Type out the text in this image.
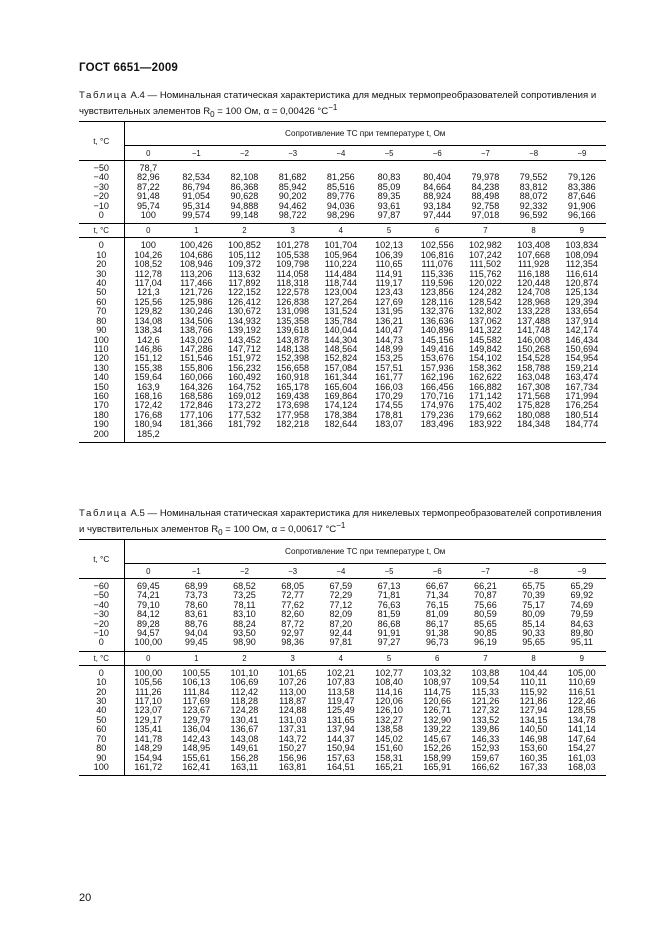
ГОСТ 6651—2009
Таблица А.4 — Номинальная статическая характеристика для медных термопреобразователей сопротивления и чувствительных элементов $R_0 = 100$ Ом, α = 0,00426 $^\circ С^{-1}$
t, °С	Сопротивление ТС при температуре t, Ом									
	0	−1	−2	−3	−4	−5	−6	−7	−8	−9
−50	78,7									
−40	82,96	82,534	82,108	81,682	81,256	80,83	80,404	79,978	79,552	79,126
−30	87,22	86,794	86,368	85,942	85,516	85,09	84,664	84,238	83,812	83,386
−20	91,48	91,054	90,628	90,202	89,776	89,35	88,924	88,498	88,072	87,646
−10	95,74	95,314	94,888	94,462	94,036	93,61	93,184	92,758	92,332	91,906
0	100	99,574	99,148	98,722	98,296	97,87	97,444	97,018	96,592	96,166
t, °С	0	1	2	3	4	5	6	7	8	9
0	100	100,426	100,852	101,278	101,704	102,13	102,556	102,982	103,408	103,834
10	104,26	104,686	105,112	105,538	105,964	106,39	106,816	107,242	107,668	108,094
20	108,52	108,946	109,372	109,798	110,224	110,65	111,076	111,502	111,928	112,354
30	112,78	113,206	113,632	114,058	114,484	114,91	115,336	115,762	116,188	116,614
40	117,04	117,466	117,892	118,318	118,744	119,17	119,596	120,022	120,448	120,874
50	121,3	121,726	122,152	122,578	123,004	123,43	123,856	124,282	124,708	125,134
60	125,56	125,986	126,412	126,838	127,264	127,69	128,116	128,542	128,968	129,394
70	129,82	130,246	130,672	131,098	131,524	131,95	132,376	132,802	133,228	133,654
80	134,08	134,506	134,932	135,358	135,784	136,21	136,636	137,062	137,488	137,914
90	138,34	138,766	139,192	139,618	140,044	140,47	140,896	141,322	141,748	142,174
100	142,6	143,026	143,452	143,878	144,304	144,73	145,156	145,582	146,008	146,434
110	146,86	147,286	147,712	148,138	148,564	148,99	149,416	149,842	150,268	150,694
120	151,12	151,546	151,972	152,398	152,824	153,25	153,676	154,102	154,528	154,954
130	155,38	155,806	156,232	156,658	157,084	157,51	157,936	158,362	158,788	159,214
140	159,64	160,066	160,492	160,918	161,344	161,77	162,196	162,622	163,048	163,474
150	163,9	164,326	164,752	165,178	165,604	166,03	166,456	166,882	167,308	167,734
160	168,16	168,586	169,012	169,438	169,864	170,29	170,716	171,142	171,568	171,994
170	172,42	172,846	173,272	173,698	174,124	174,55	174,976	175,402	175,828	176,254
180	176,68	177,106	177,532	177,958	178,384	178,81	179,236	179,662	180,088	180,514
190	180,94	181,366	181,792	182,218	182,644	183,07	183,496	183,922	184,348	184,774
200	185,2									
Таблица А.5 — Номинальная статическая характеристика для никелевых термопреобразователей сопротивления и чувствительных элементов $R_0 = 100$ Ом, α = 0,00617 $^\circ С^{-1}$
t, °С	Сопротивление ТС при температуре t, Ом									
	0	−1	−2	−3	−4	−5	−6	−7	−8	−9
−60	69,45	68,99	68,52	68,05	67,59	67,13	66,67	66,21	65,75	65,29
−50	74,21	73,73	73,25	72,77	72,29	71,81	71,34	70,87	70,39	69,92
−40	79,10	78,60	78,11	77,62	77,12	76,63	76,15	75,66	75,17	74,69
−30	84,12	83,61	83,10	82,60	82,09	81,59	81,09	80,59	80,09	79,59
−20	89,28	88,76	88,24	87,72	87,20	86,68	86,17	85,65	85,14	84,63
−10	94,57	94,04	93,50	92,97	92,44	91,91	91,38	90,85	90,33	89,80
0	100,00	99,45	98,90	98,36	97,81	97,27	96,73	96,19	95,65	95,11
t, °С	0	1	2	3	4	5	6	7	8	9
0	100,00	100,55	101,10	101,65	102,21	102,77	103,32	103,88	104,44	105,00
10	105,56	106,13	106,69	107,26	107,83	108,40	108,97	109,54	110,11	110,69
20	111,26	111,84	112,42	113,00	113,58	114,16	114,75	115,33	115,92	116,51
30	117,10	117,69	118,28	118,87	119,47	120,06	120,66	121,26	121,86	122,46
40	123,07	123,67	124,28	124,88	125,49	126,10	126,71	127,32	127,94	128,55
50	129,17	129,79	130,41	131,03	131,65	132,27	132,90	133,52	134,15	134,78
60	135,41	136,04	136,67	137,31	137,94	138,58	139,22	139,86	140,50	141,14
70	141,78	142,43	143,08	143,72	144,37	145,02	145,67	146,33	146,98	147,64
80	148,29	148,95	149,61	150,27	150,94	151,60	152,26	152,93	153,60	154,27
90	154,94	155,61	156,28	156,96	157,63	158,31	158,99	159,67	160,35	161,03
100	161,72	162,41	163,11	163,81	164,51	165,21	165,91	166,62	167,33	168,03
20
